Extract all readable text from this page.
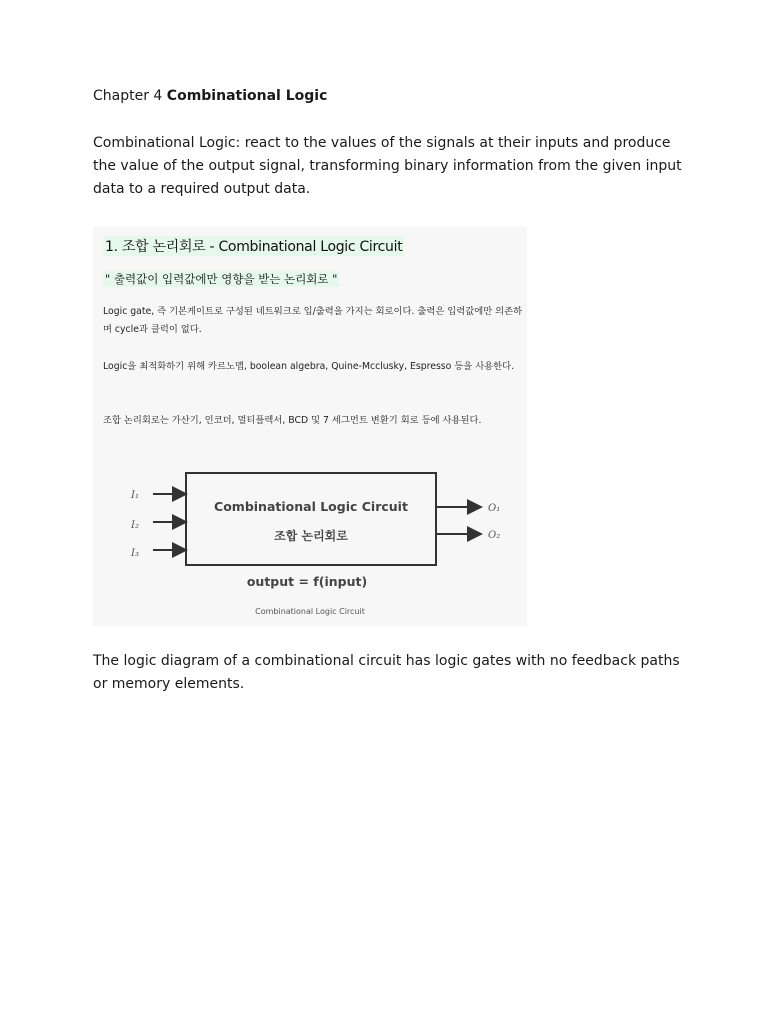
Chapter 4 Combinational Logic
Combinational Logic: react to the values of the signals at their inputs and produce the value of the output signal, transforming binary information from the given input data to a required output data.
1. 조합 논리회로 - Combinational Logic Circuit
" 출력값이 입력값에만 영향을 받는 논리회로 "
Logic gate, 즉 기본게이트로 구성된 네트워크로 입/출력을 가지는 회로이다. 출력은 입력값에만 의존하며 cycle과 클럭이 없다.
Logic을 최적화하기 위해 카르노맵, boolean algebra, Quine-Mcclusky, Espresso 등을 사용한다.
조합 논리회로는 가산기, 인코더, 멀티플렉서, BCD 및 7 세그먼트 변환기 회로 등에 사용된다.
Combinational Logic Circuit
조합 논리회로
I₁
I₂
I₃
O₁
O₂
output = f(input)
Combinational Logic Circuit
The logic diagram of a combinational circuit has logic gates with no feedback paths or memory elements.
